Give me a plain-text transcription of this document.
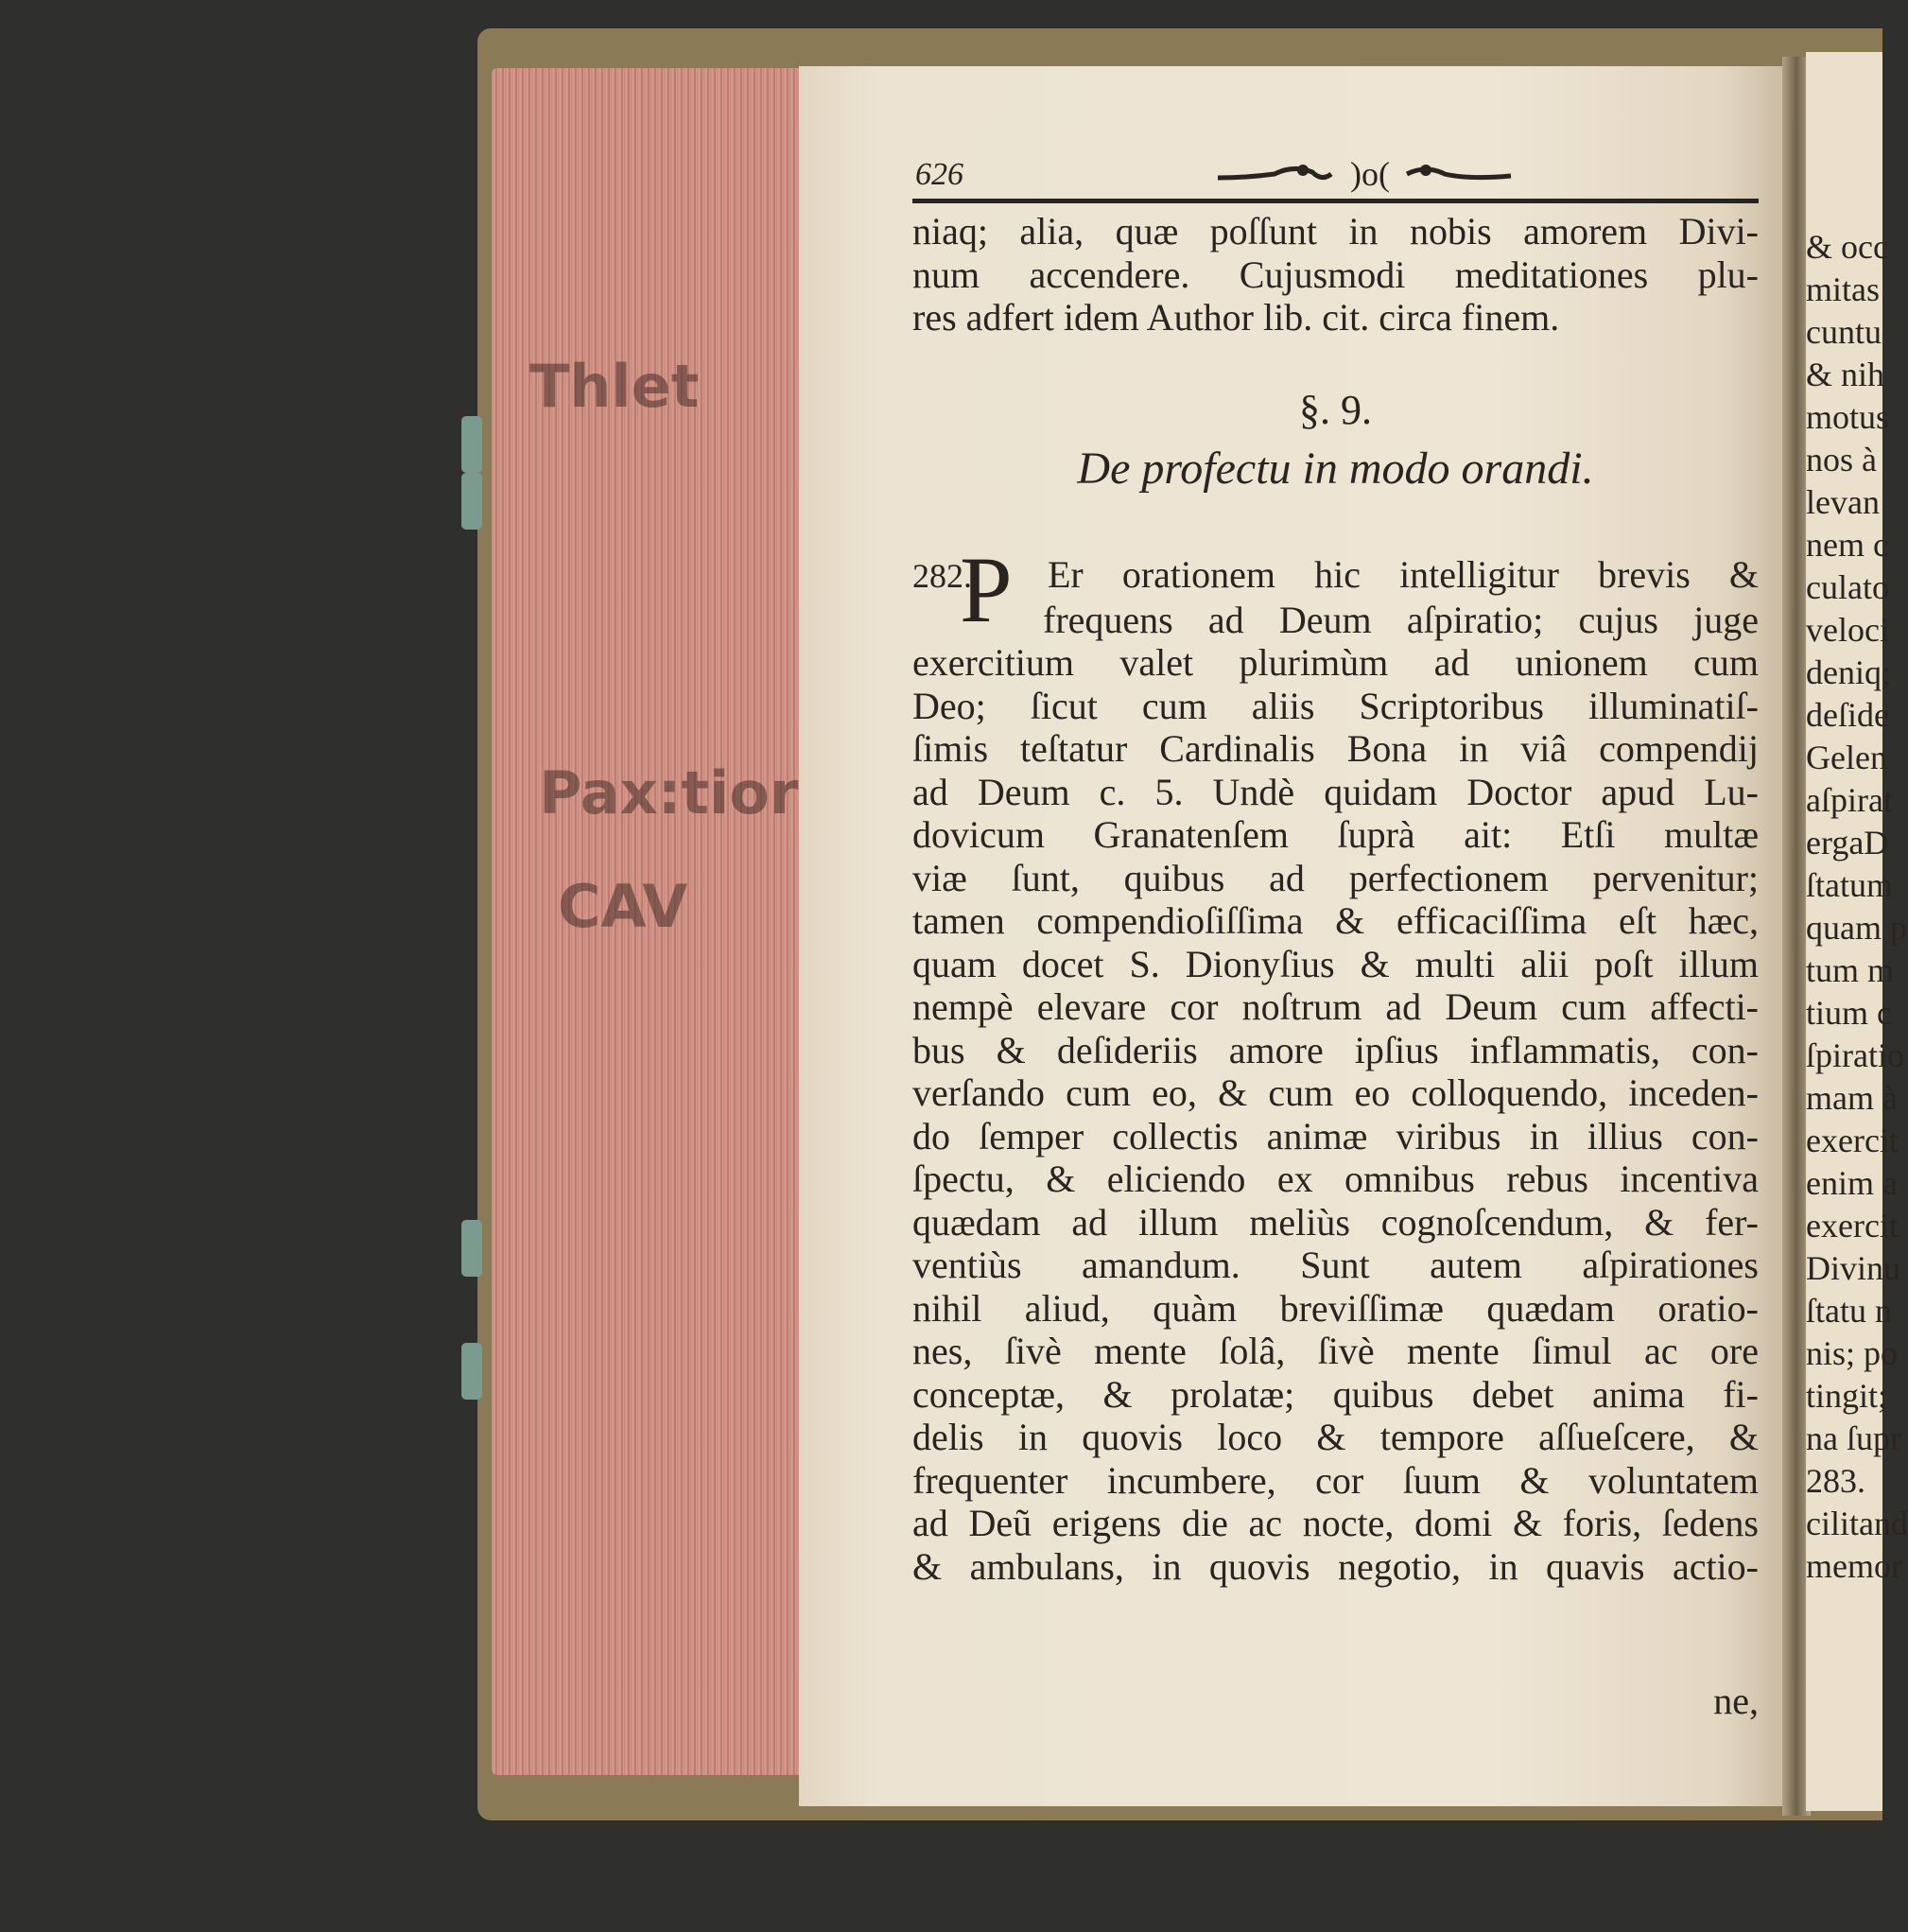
Thlet
Pax:tior
CAV
& occ
mitas
cuntu
& nih
motus
nos à
levan
nem c
culato
veloci
deniq;
deſide
Gelen
aſpirat
ergaD
ſtatum
quam p
tum m
tium c
ſpiratio
mam à
exercit
enim a
exercit
Divinu
ſtatu n
nis; po
tingit;
na ſupr
283.
cilitand
memor
626	)o(
niaq; alia, quæ poſſunt in nobis amorem Divi-
num accendere. Cujusmodi meditationes plu-
res adfert idem Author lib. cit. circa finem.
§. 9.
De profectu in modo orandi.
282. Er orationem hic intelligitur brevis &
P frequens ad Deum aſpiratio; cujus juge
exercitium valet plurimùm ad unionem cum
Deo; ſicut cum aliis Scriptoribus illuminatiſ-
ſimis teſtatur Cardinalis Bona in viâ compendij
ad Deum c. 5. Undè quidam Doctor apud Lu-
dovicum Granatenſem ſuprà ait: Etſi multæ
viæ ſunt, quibus ad perfectionem pervenitur;
tamen compendioſiſſima & efficaciſſima eſt hæc,
quam docet S. Dionyſius & multi alii poſt illum
nempè elevare cor noſtrum ad Deum cum affecti-
bus & deſideriis amore ipſius inflammatis, con-
verſando cum eo, & cum eo colloquendo, inceden-
do ſemper collectis animæ viribus in illius con-
ſpectu, & eliciendo ex omnibus rebus incentiva
quædam ad illum meliùs cognoſcendum, & fer-
ventiùs amandum. Sunt autem aſpirationes
nihil aliud, quàm breviſſimæ quædam oratio-
nes, ſivè mente ſolâ, ſivè mente ſimul ac ore
conceptæ, & prolatæ; quibus debet anima fi-
delis in quovis loco & tempore aſſueſcere, &
frequenter incumbere, cor ſuum & voluntatem
ad Deũ erigens die ac nocte, domi & foris, ſedens
& ambulans, in quovis negotio, in quavis actio-
ne,
